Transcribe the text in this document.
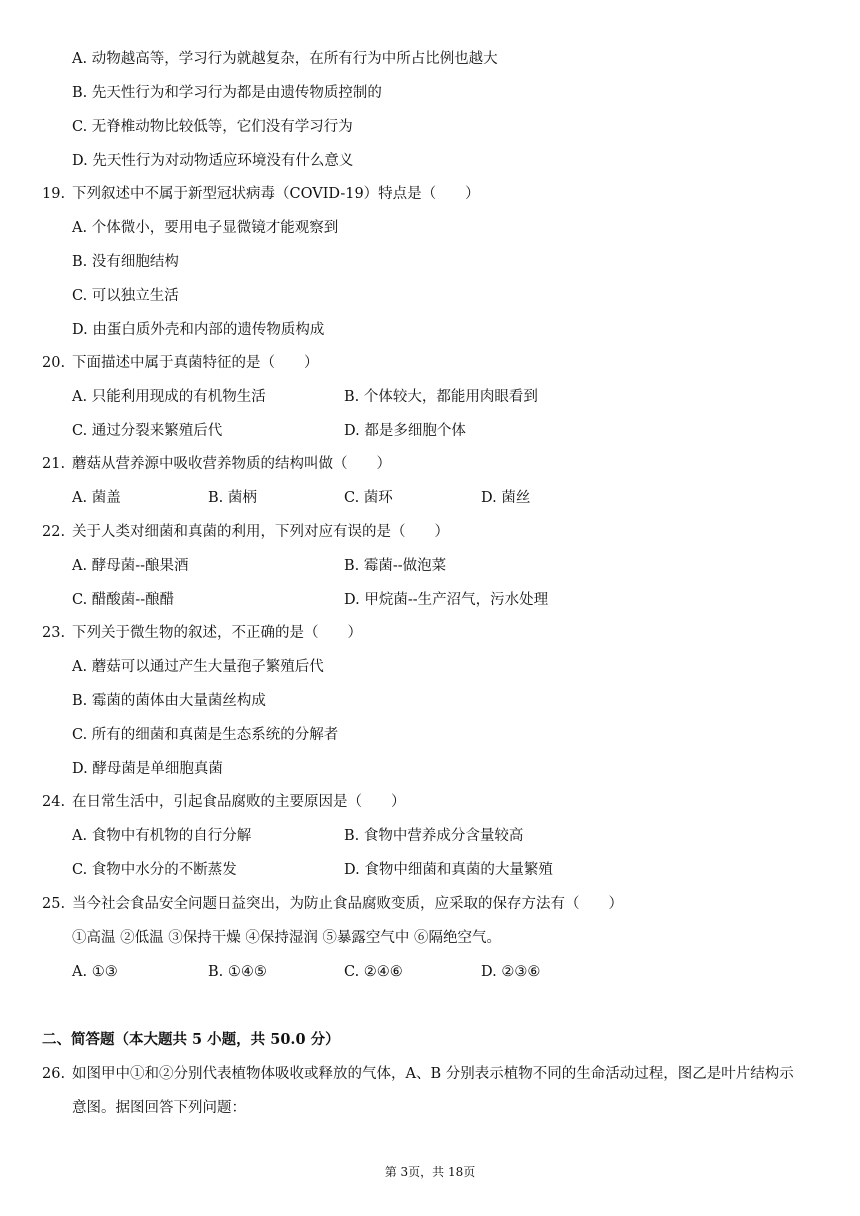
A. 动物越高等，学习行为就越复杂，在所有行为中所占比例也越大
B. 先天性行为和学习行为都是由遗传物质控制的
C. 无脊椎动物比较低等，它们没有学习行为
D. 先天性行为对动物适应环境没有什么意义
19. 下列叙述中不属于新型冠状病毒（COVID-19）特点是（　　）
A. 个体微小，要用电子显微镜才能观察到
B. 没有细胞结构
C. 可以独立生活
D. 由蛋白质外壳和内部的遗传物质构成
20. 下面描述中属于真菌特征的是（　　）
A. 只能利用现成的有机物生活	B. 个体较大，都能用肉眼看到
C. 通过分裂来繁殖后代	D. 都是多细胞个体
21. 蘑菇从营养源中吸收营养物质的结构叫做（　　）
A. 菌盖	B. 菌柄	C. 菌环	D. 菌丝
22. 关于人类对细菌和真菌的利用，下列对应有误的是（　　）
A. 酵母菌--酿果酒	B. 霉菌--做泡菜
C. 醋酸菌--酿醋	D. 甲烷菌--生产沼气，污水处理
23. 下列关于微生物的叙述，不正确的是（　　）
A. 蘑菇可以通过产生大量孢子繁殖后代
B. 霉菌的菌体由大量菌丝构成
C. 所有的细菌和真菌是生态系统的分解者
D. 酵母菌是单细胞真菌
24. 在日常生活中，引起食品腐败的主要原因是（　　）
A. 食物中有机物的自行分解	B. 食物中营养成分含量较高
C. 食物中水分的不断蒸发	D. 食物中细菌和真菌的大量繁殖
25. 当今社会食品安全问题日益突出，为防止食品腐败变质，应采取的保存方法有（　　）
①高温 ②低温 ③保持干燥 ④保持湿润 ⑤暴露空气中 ⑥隔绝空气。
A. ①③	B. ①④⑤	C. ②④⑥	D. ②③⑥
二、简答题（本大题共 5 小题，共 50.0 分）
26. 如图甲中①和②分别代表植物体吸收或释放的气体，A、B 分别表示植物不同的生命活动过程，图乙是叶片结构示
意图。据图回答下列问题：
第 3页，共 18页
